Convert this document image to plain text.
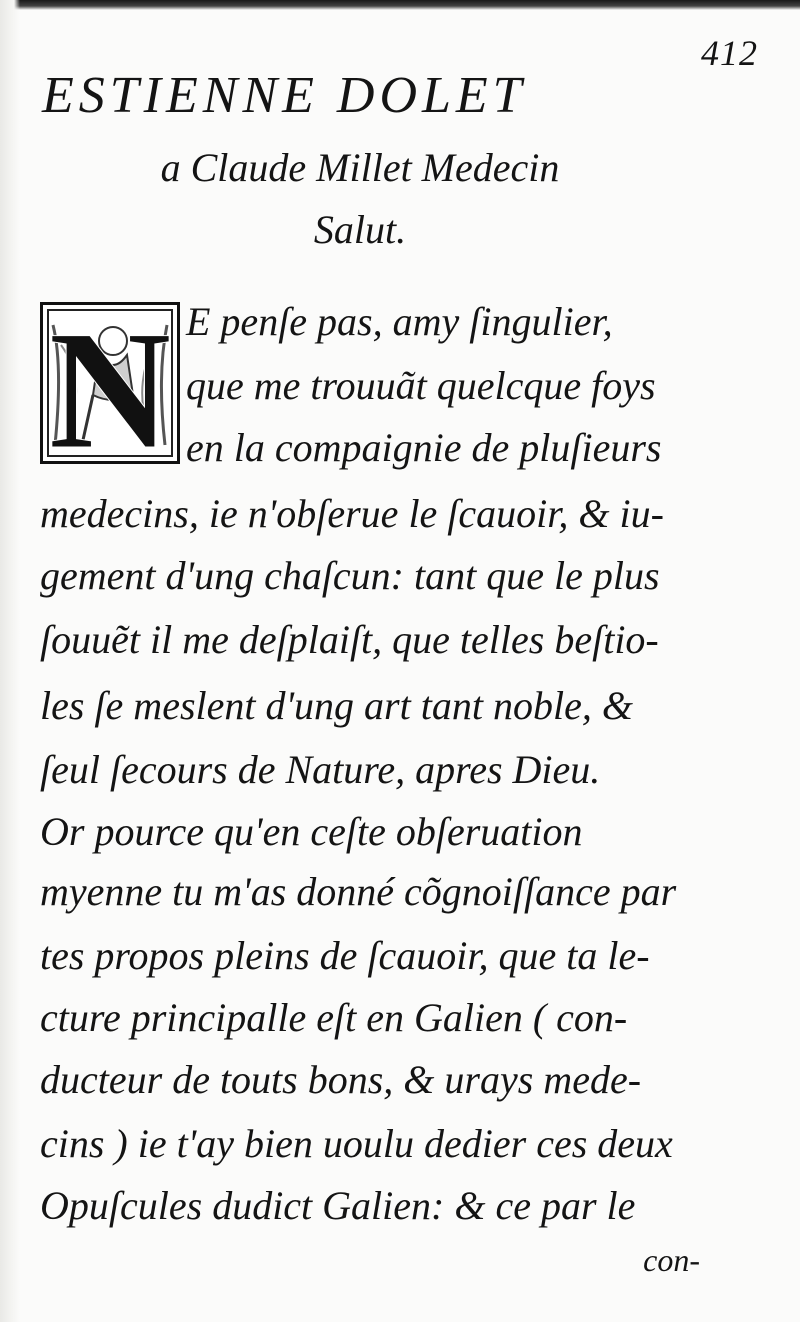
412
ESTIENNE DOLET
a Claude Millet Medecin
Salut.
N E penſe pas, amy ſingulier,
que me trouuãt quelcque foys
en la compaignie de pluſieurs
medecins, ie n'obſerue le ſcauoir, & iu-
gement d'ung chaſcun: tant que le plus
ſouuẽt il me deſplaiſt, que telles beſtio-
les ſe meslent d'ung art tant noble, &
ſeul ſecours de Nature, apres Dieu.
Or pource qu'en ceſte obſeruation
myenne tu m'as donné cõgnoiſſance par
tes propos pleins de ſcauoir, que ta le-
cture principalle eſt en Galien ( con-
ducteur de touts bons, & urays mede-
cins ) ie t'ay bien uoulu dedier ces deux
Opuſcules dudict Galien: & ce par le
con-
